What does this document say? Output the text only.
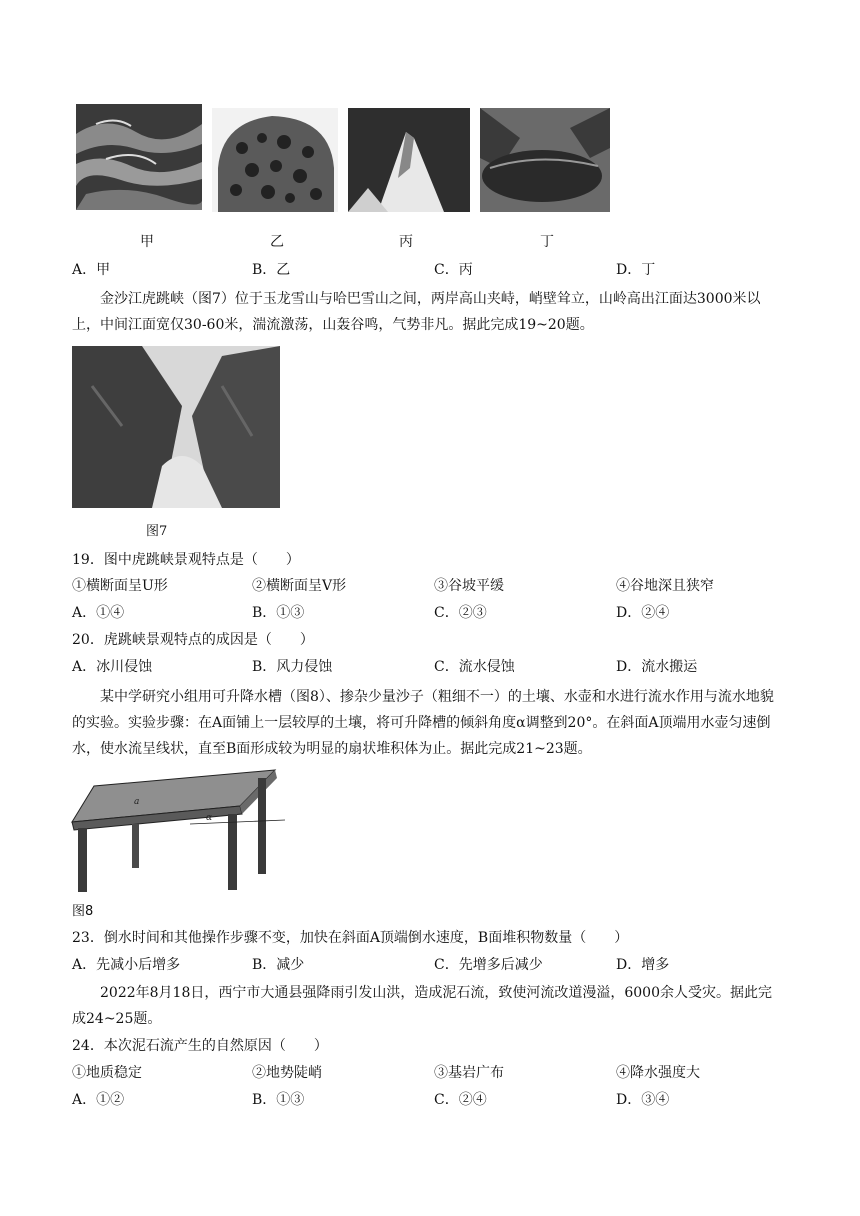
甲	乙	丙	丁
A．甲	B．乙	C．丙	D．丁
金沙江虎跳峡（图7）位于玉龙雪山与哈巴雪山之间，两岸高山夹峙，峭壁耸立，山岭高出江面达3000米以上，中间江面宽仅30-60米，湍流激荡，山轰谷鸣，气势非凡。据此完成19~20题。
图7
19．图中虎跳峡景观特点是（　　）
①横断面呈U形	②横断面呈V形	③谷坡平缓	④谷地深且狭窄
A．①④	B．①③	C．②③	D．②④
20．虎跳峡景观特点的成因是（　　）
A．冰川侵蚀	B．风力侵蚀	C．流水侵蚀	D．流水搬运
某中学研究小组用可升降水槽（图8）、掺杂少量沙子（粗细不一）的土壤、水壶和水进行流水作用与流水地貌的实验。实验步骤：在A面铺上一层较厚的土壤，将可升降槽的倾斜角度α调整到20°。在斜面A顶端用水壶匀速倒水，使水流呈线状，直至B面形成较为明显的扇状堆积体为止。据此完成21~23题。
a
α
图8
23．倒水时间和其他操作步骤不变，加快在斜面A顶端倒水速度，B面堆积物数量（　　）
A．先减小后增多	B．减少	C．先增多后减少	D．增多
2022年8月18日，西宁市大通县强降雨引发山洪，造成泥石流，致使河流改道漫溢，6000余人受灾。据此完成24~25题。
24．本次泥石流产生的自然原因（　　）
①地质稳定	②地势陡峭	③基岩广布	④降水强度大
A．①②	B．①③	C．②④	D．③④
